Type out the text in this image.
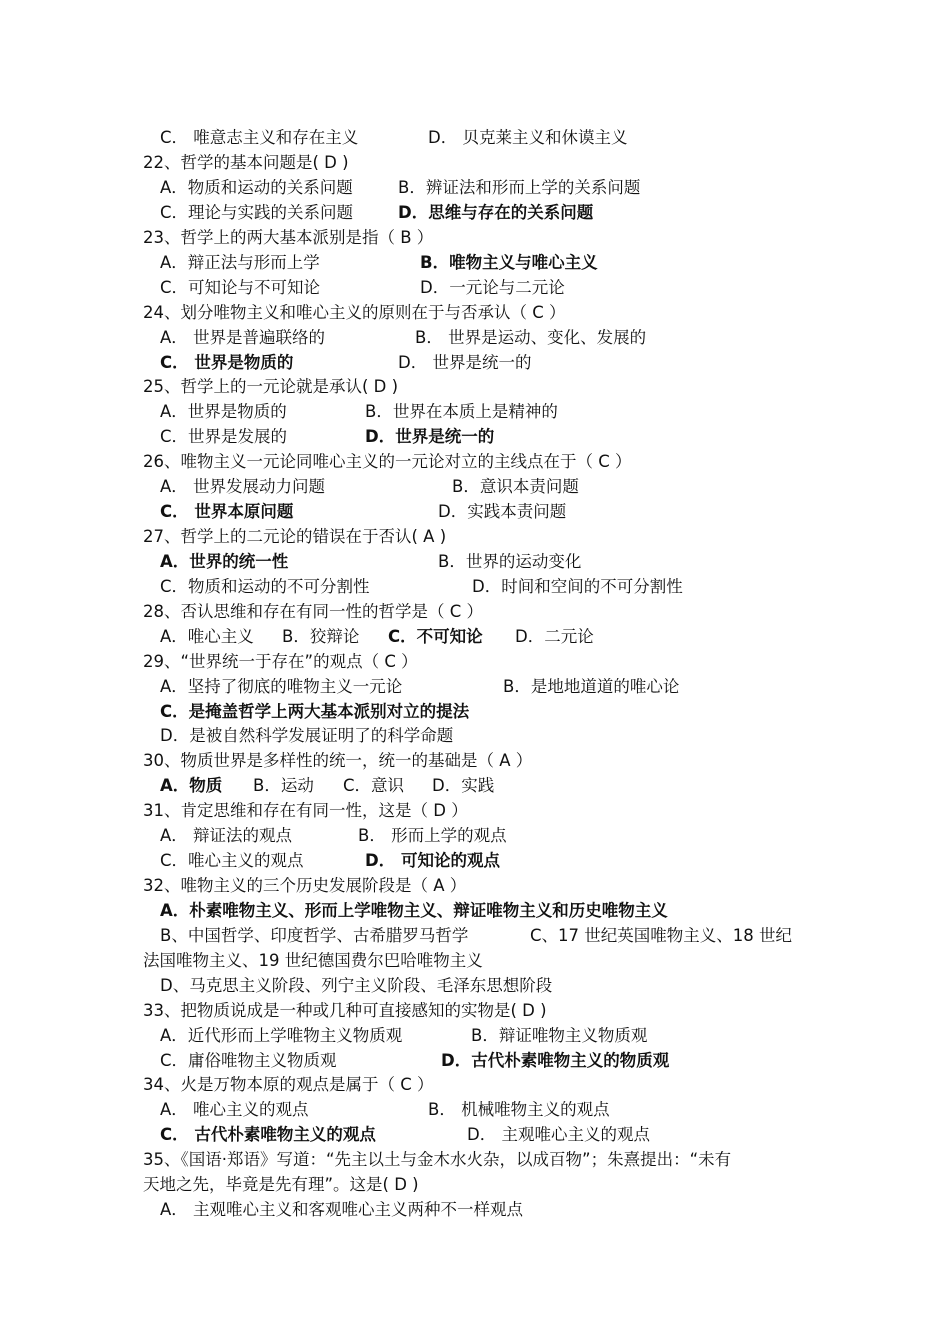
C． 唯意志主义和存在主义	D． 贝克莱主义和休谟主义
22、哲学的基本问题是( D )
A．物质和运动的关系问题	B．辨证法和形而上学的关系问题
C．理论与实践的关系问题	D．思维与存在的关系问题
23、哲学上的两大基本派别是指（ B ）
A．辩正法与形而上学	B．唯物主义与唯心主义
C．可知论与不可知论	D．一元论与二元论
24、划分唯物主义和唯心主义的原则在于与否承认（ C ）
A． 世界是普遍联络的	B． 世界是运动、变化、发展的
C． 世界是物质的	D． 世界是统一的
25、哲学上的一元论就是承认( D )
A．世界是物质的	B．世界在本质上是精神的
C．世界是发展的	D．世界是统一的
26、唯物主义一元论同唯心主义的一元论对立的主线点在于（ C ）
A． 世界发展动力问题	B．意识本责问题
C． 世界本原问题	D．实践本责问题
27、哲学上的二元论的错误在于否认( A )
A．世界的统一性	B．世界的运动变化
C．物质和运动的不可分割性	D．时间和空间的不可分割性
28、否认思维和存在有同一性的哲学是（ C ）
A．唯心主义 B．狡辩论 C．不可知论 D．二元论
29、“世界统一于存在”的观点（ C ）
A．坚持了彻底的唯物主义一元论	B．是地地道道的唯心论
C．是掩盖哲学上两大基本派别对立的提法
D．是被自然科学发展证明了的科学命题
30、物质世界是多样性的统一，统一的基础是（ A ）
A．物质 B．运动 C．意识 D．实践
31、肯定思维和存在有同一性，这是（ D ）
A． 辩证法的观点	B． 形而上学的观点
C．唯心主义的观点	D． 可知论的观点
32、唯物主义的三个历史发展阶段是（ A ）
A．朴素唯物主义、形而上学唯物主义、辩证唯物主义和历史唯物主义
B、中国哲学、印度哲学、古希腊罗马哲学	C、17 世纪英国唯物主义、18 世纪
法国唯物主义、19 世纪德国费尔巴哈唯物主义
D、马克思主义阶段、列宁主义阶段、毛泽东思想阶段
33、把物质说成是一种或几种可直接感知的实物是( D )
A．近代形而上学唯物主义物质观	B．辩证唯物主义物质观
C．庸俗唯物主义物质观	D．古代朴素唯物主义的物质观
34、火是万物本原的观点是属于（ C ）
A． 唯心主义的观点	B． 机械唯物主义的观点
C． 古代朴素唯物主义的观点	D． 主观唯心主义的观点
35、《国语·郑语》写道：“先主以土与金木水火杂，以成百物”；朱熹提出：“未有
天地之先，毕竟是先有理”。这是( D )
A． 主观唯心主义和客观唯心主义两种不一样观点
